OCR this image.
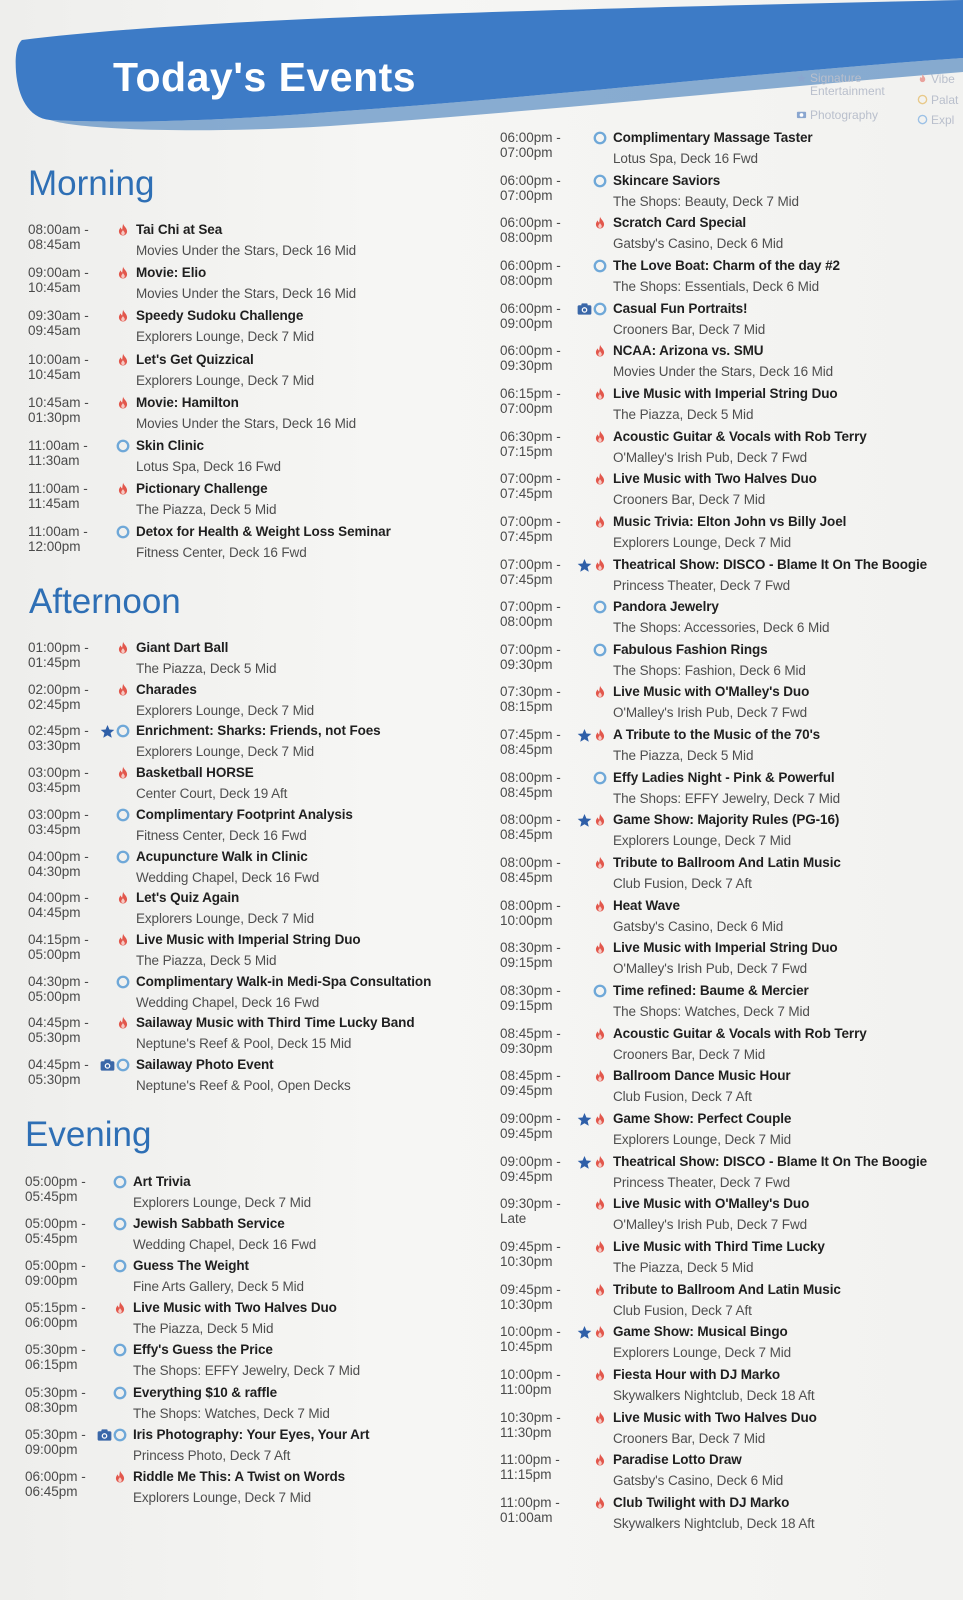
Today's Events	Signature Entertainment
Photography
Vibe
Palat
Expl
Morning
Afternoon
Evening
08:00am -
08:45am
Tai Chi at Sea
Movies Under the Stars, Deck 16 Mid
09:00am -
10:45am
Movie: Elio
Movies Under the Stars, Deck 16 Mid
09:30am -
09:45am
Speedy Sudoku Challenge
Explorers Lounge, Deck 7 Mid
10:00am -
10:45am
Let's Get Quizzical
Explorers Lounge, Deck 7 Mid
10:45am -
01:30pm
Movie: Hamilton
Movies Under the Stars, Deck 16 Mid
11:00am -
11:30am
Skin Clinic
Lotus Spa, Deck 16 Fwd
11:00am -
11:45am
Pictionary Challenge
The Piazza, Deck 5 Mid
11:00am -
12:00pm
Detox for Health & Weight Loss Seminar
Fitness Center, Deck 16 Fwd
01:00pm -
01:45pm
Giant Dart Ball
The Piazza, Deck 5 Mid
02:00pm -
02:45pm
Charades
Explorers Lounge, Deck 7 Mid
02:45pm -
03:30pm
Enrichment: Sharks: Friends, not Foes
Explorers Lounge, Deck 7 Mid
03:00pm -
03:45pm
Basketball HORSE
Center Court, Deck 19 Aft
03:00pm -
03:45pm
Complimentary Footprint Analysis
Fitness Center, Deck 16 Fwd
04:00pm -
04:30pm
Acupuncture Walk in Clinic
Wedding Chapel, Deck 16 Fwd
04:00pm -
04:45pm
Let's Quiz Again
Explorers Lounge, Deck 7 Mid
04:15pm -
05:00pm
Live Music with Imperial String Duo
The Piazza, Deck 5 Mid
04:30pm -
05:00pm
Complimentary Walk-in Medi-Spa Consultation
Wedding Chapel, Deck 16 Fwd
04:45pm -
05:30pm
Sailaway Music with Third Time Lucky Band
Neptune's Reef & Pool, Deck 15 Mid
04:45pm -
05:30pm
Sailaway Photo Event
Neptune's Reef & Pool, Open Decks
05:00pm -
05:45pm
Art Trivia
Explorers Lounge, Deck 7 Mid
05:00pm -
05:45pm
Jewish Sabbath Service
Wedding Chapel, Deck 16 Fwd
05:00pm -
09:00pm
Guess The Weight
Fine Arts Gallery, Deck 5 Mid
05:15pm -
06:00pm
Live Music with Two Halves Duo
The Piazza, Deck 5 Mid
05:30pm -
06:15pm
Effy's Guess the Price
The Shops: EFFY Jewelry, Deck 7 Mid
05:30pm -
08:30pm
Everything $10 & raffle
The Shops: Watches, Deck 7 Mid
05:30pm -
09:00pm
Iris Photography: Your Eyes, Your Art
Princess Photo, Deck 7 Aft
06:00pm -
06:45pm
Riddle Me This: A Twist on Words
Explorers Lounge, Deck 7 Mid
06:00pm -
07:00pm
Complimentary Massage Taster
Lotus Spa, Deck 16 Fwd
06:00pm -
07:00pm
Skincare Saviors
The Shops: Beauty, Deck 7 Mid
06:00pm -
08:00pm
Scratch Card Special
Gatsby's Casino, Deck 6 Mid
06:00pm -
08:00pm
The Love Boat: Charm of the day #2
The Shops: Essentials, Deck 6 Mid
06:00pm -
09:00pm
Casual Fun Portraits!
Crooners Bar, Deck 7 Mid
06:00pm -
09:30pm
NCAA: Arizona vs. SMU
Movies Under the Stars, Deck 16 Mid
06:15pm -
07:00pm
Live Music with Imperial String Duo
The Piazza, Deck 5 Mid
06:30pm -
07:15pm
Acoustic Guitar & Vocals with Rob Terry
O'Malley's Irish Pub, Deck 7 Fwd
07:00pm -
07:45pm
Live Music with Two Halves Duo
Crooners Bar, Deck 7 Mid
07:00pm -
07:45pm
Music Trivia: Elton John vs Billy Joel
Explorers Lounge, Deck 7 Mid
07:00pm -
07:45pm
Theatrical Show: DISCO - Blame It On The Boogie
Princess Theater, Deck 7 Fwd
07:00pm -
08:00pm
Pandora Jewelry
The Shops: Accessories, Deck 6 Mid
07:00pm -
09:30pm
Fabulous Fashion Rings
The Shops: Fashion, Deck 6 Mid
07:30pm -
08:15pm
Live Music with O'Malley's Duo
O'Malley's Irish Pub, Deck 7 Fwd
07:45pm -
08:45pm
A Tribute to the Music of the 70's
The Piazza, Deck 5 Mid
08:00pm -
08:45pm
Effy Ladies Night - Pink & Powerful
The Shops: EFFY Jewelry, Deck 7 Mid
08:00pm -
08:45pm
Game Show: Majority Rules (PG-16)
Explorers Lounge, Deck 7 Mid
08:00pm -
08:45pm
Tribute to Ballroom And Latin Music
Club Fusion, Deck 7 Aft
08:00pm -
10:00pm
Heat Wave
Gatsby's Casino, Deck 6 Mid
08:30pm -
09:15pm
Live Music with Imperial String Duo
O'Malley's Irish Pub, Deck 7 Fwd
08:30pm -
09:15pm
Time refined: Baume & Mercier
The Shops: Watches, Deck 7 Mid
08:45pm -
09:30pm
Acoustic Guitar & Vocals with Rob Terry
Crooners Bar, Deck 7 Mid
08:45pm -
09:45pm
Ballroom Dance Music Hour
Club Fusion, Deck 7 Aft
09:00pm -
09:45pm
Game Show: Perfect Couple
Explorers Lounge, Deck 7 Mid
09:00pm -
09:45pm
Theatrical Show: DISCO - Blame It On The Boogie
Princess Theater, Deck 7 Fwd
09:30pm -
Late
Live Music with O'Malley's Duo
O'Malley's Irish Pub, Deck 7 Fwd
09:45pm -
10:30pm
Live Music with Third Time Lucky
The Piazza, Deck 5 Mid
09:45pm -
10:30pm
Tribute to Ballroom And Latin Music
Club Fusion, Deck 7 Aft
10:00pm -
10:45pm
Game Show: Musical Bingo
Explorers Lounge, Deck 7 Mid
10:00pm -
11:00pm
Fiesta Hour with DJ Marko
Skywalkers Nightclub, Deck 18 Aft
10:30pm -
11:30pm
Live Music with Two Halves Duo
Crooners Bar, Deck 7 Mid
11:00pm -
11:15pm
Paradise Lotto Draw
Gatsby's Casino, Deck 6 Mid
11:00pm -
01:00am
Club Twilight with DJ Marko
Skywalkers Nightclub, Deck 18 Aft
